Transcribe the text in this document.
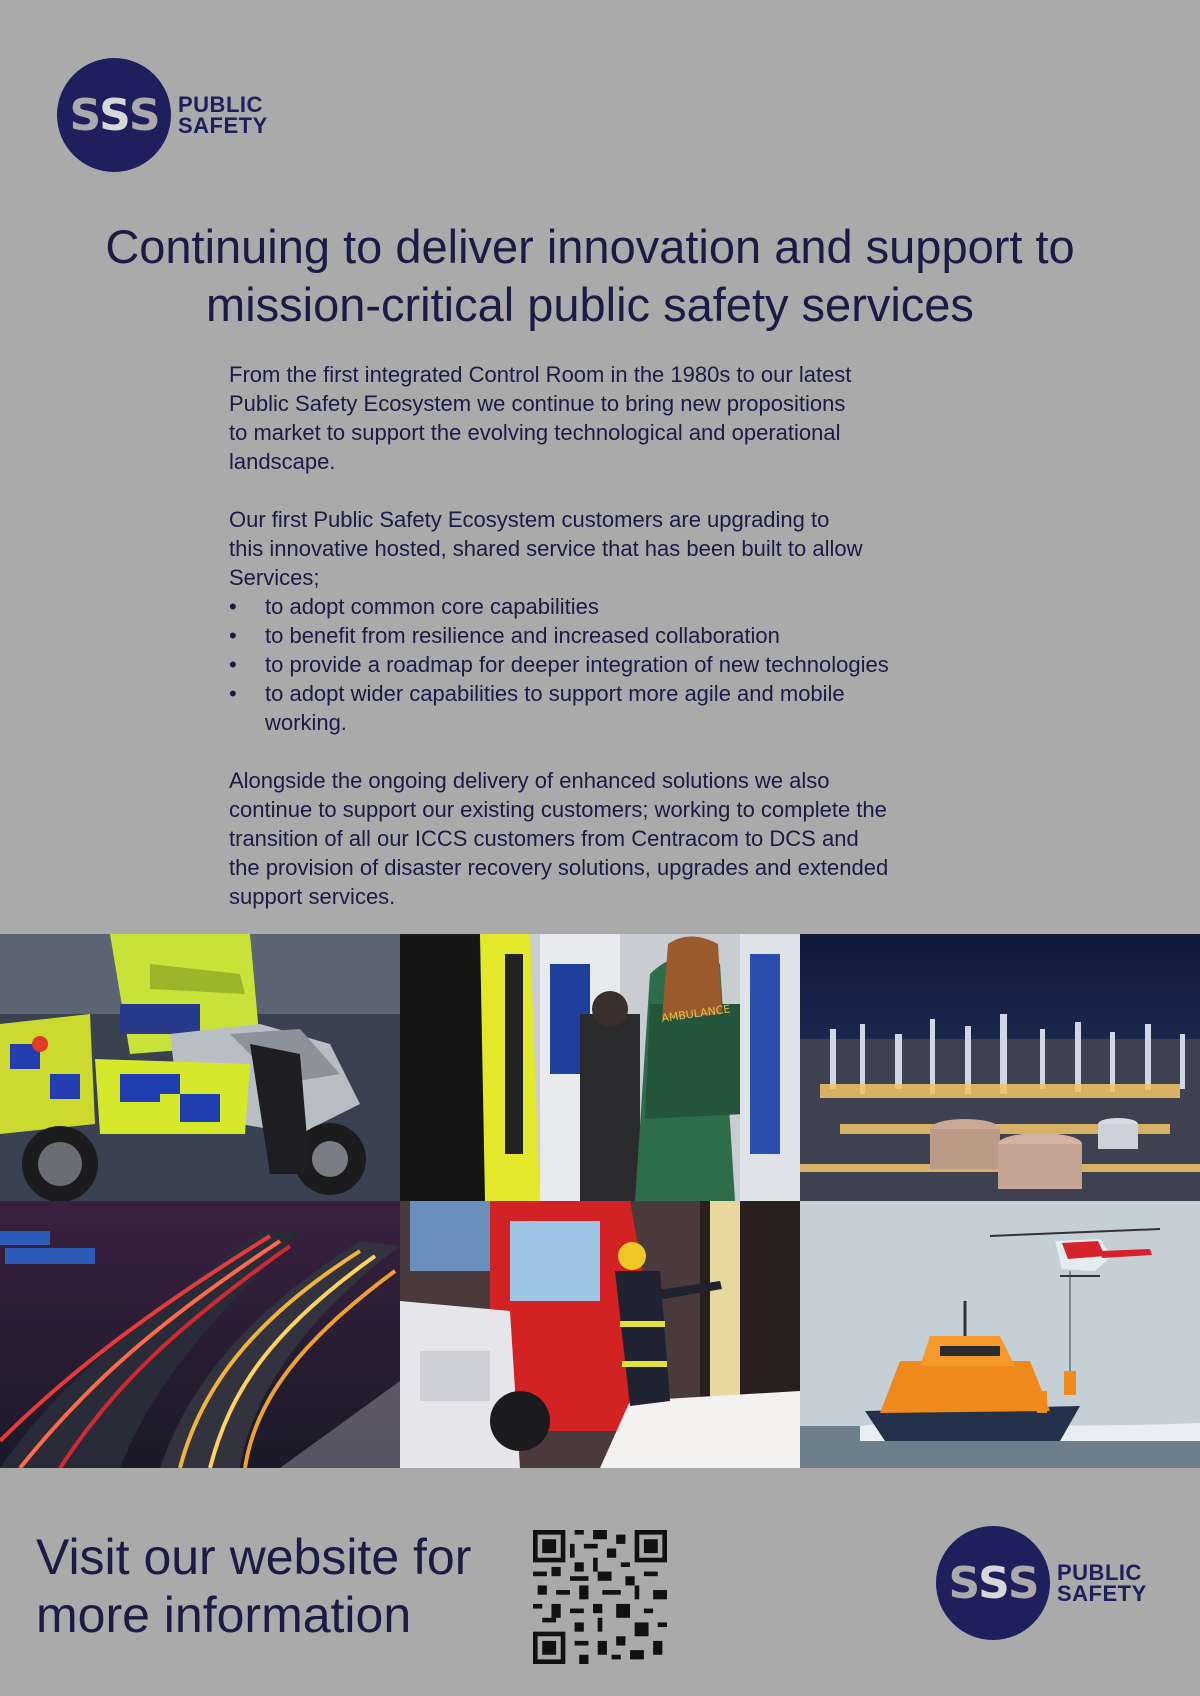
S S S PUBLIC
SAFETY
Continuing to deliver innovation and support to
mission-critical public safety services

From the first integrated Control Room in the 1980s to our latest
Public Safety Ecosystem we continue to bring new propositions
to market to support the evolving technological and operational
landscape.

Our first Public Safety Ecosystem customers are upgrading to
this innovative hosted, shared service that has been built to allow
Services;
• to adopt common core capabilities
• to benefit from resilience and increased collaboration
• to provide a roadmap for deeper integration of new technologies
• to adopt wider capabilities to support more agile and mobile
working.

Alongside the ongoing delivery of enhanced solutions we also
continue to support our existing customers; working to complete the
transition of all our ICCS customers from Centracom to DCS and
the provision of disaster recovery solutions, upgrades and extended
support services.

AMBULANCE
Visit our website for
more information
S S S PUBLIC
SAFETY
